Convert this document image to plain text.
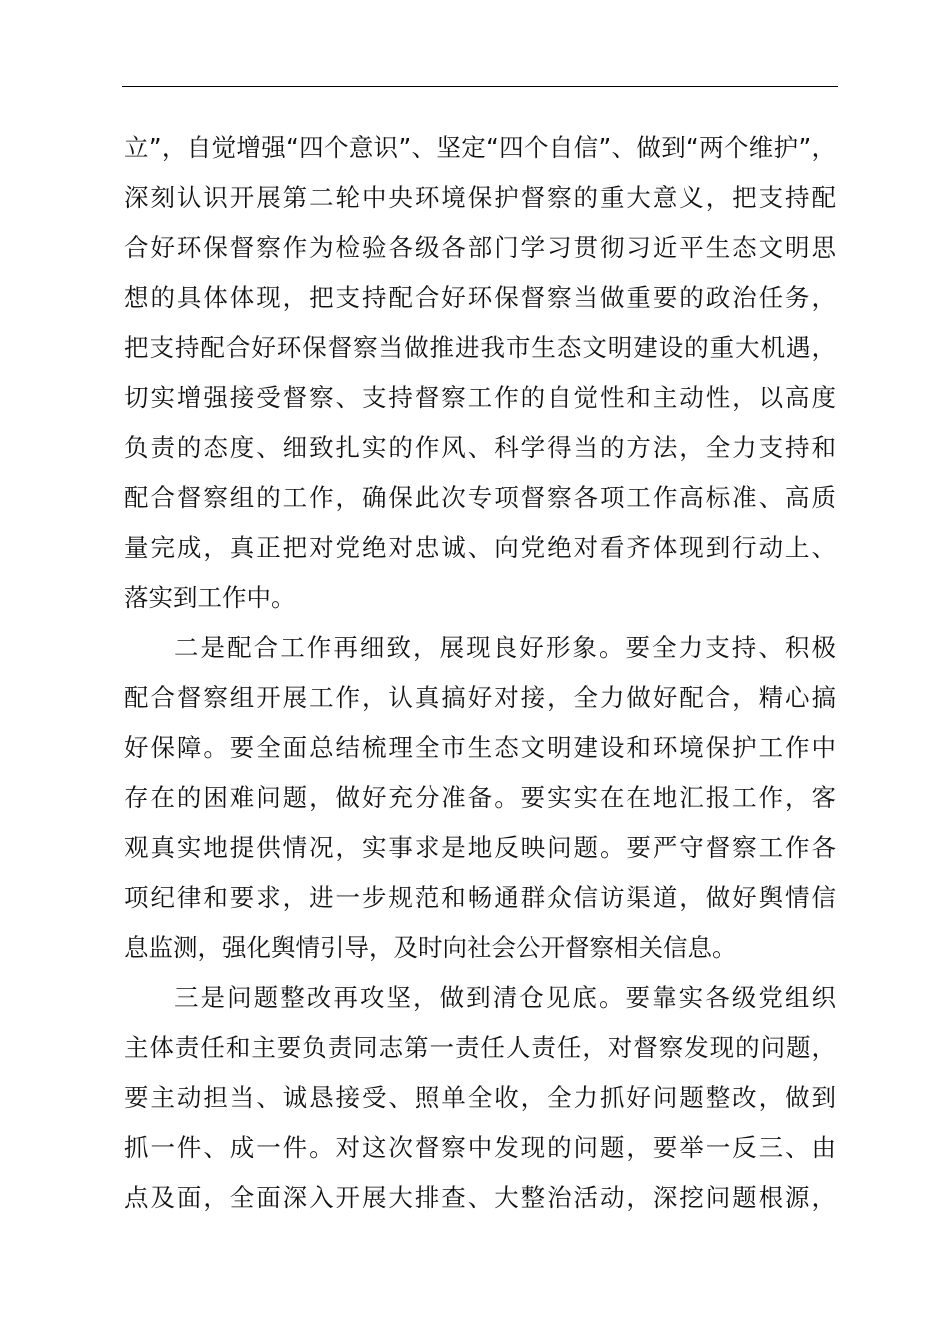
立”，自觉增强“四个意识”、坚定“四个自信”、做到“两个维护”，
深刻认识开展第二轮中央环境保护督察的重大意义，把支持配
合好环保督察作为检验各级各部门学习贯彻习近平生态文明思
想的具体体现，把支持配合好环保督察当做重要的政治任务，
把支持配合好环保督察当做推进我市生态文明建设的重大机遇，
切实增强接受督察、支持督察工作的自觉性和主动性，以高度
负责的态度、细致扎实的作风、科学得当的方法，全力支持和
配合督察组的工作，确保此次专项督察各项工作高标准、高质
量完成，真正把对党绝对忠诚、向党绝对看齐体现到行动上、
落实到工作中。
二是配合工作再细致，展现良好形象。要全力支持、积极
配合督察组开展工作，认真搞好对接，全力做好配合，精心搞
好保障。要全面总结梳理全市生态文明建设和环境保护工作中
存在的困难问题，做好充分准备。要实实在在地汇报工作，客
观真实地提供情况，实事求是地反映问题。要严守督察工作各
项纪律和要求，进一步规范和畅通群众信访渠道，做好舆情信
息监测，强化舆情引导，及时向社会公开督察相关信息。
三是问题整改再攻坚，做到清仓见底。要靠实各级党组织
主体责任和主要负责同志第一责任人责任，对督察发现的问题，
要主动担当、诚恳接受、照单全收，全力抓好问题整改，做到
抓一件、成一件。对这次督察中发现的问题，要举一反三、由
点及面，全面深入开展大排查、大整治活动，深挖问题根源，
